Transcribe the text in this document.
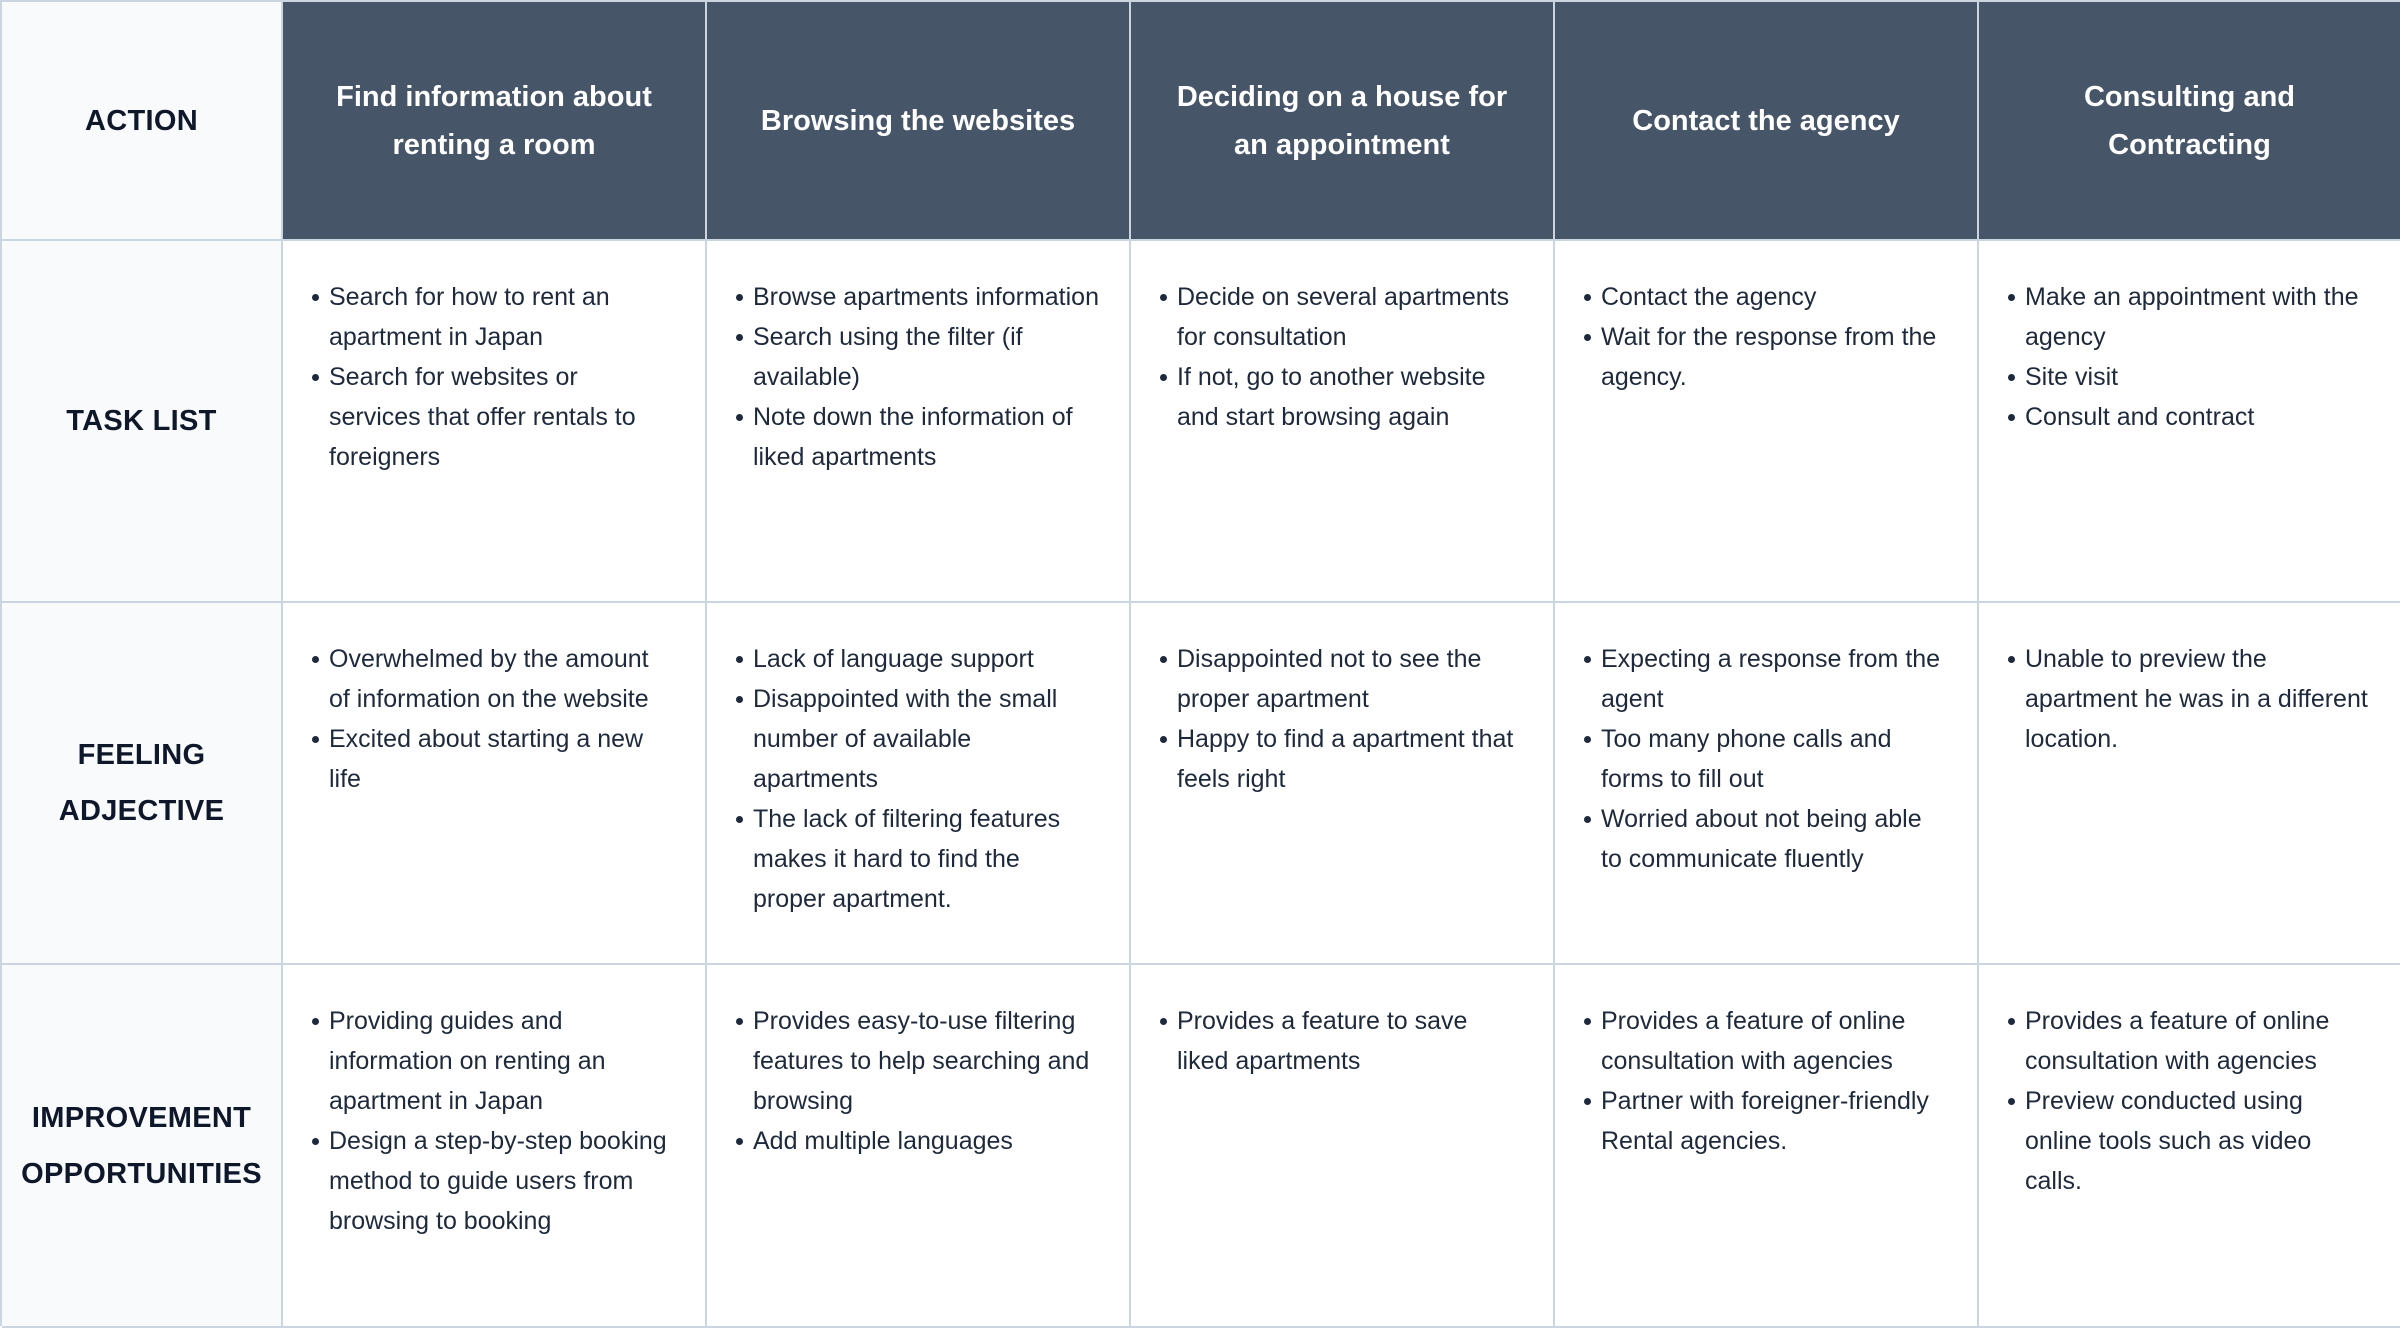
ACTION
Find information about renting a room
Browsing the websites
Deciding on a house for an appointment
Contact the agency
Consulting and Contracting
TASK LIST
Search for how to rent an apartment in Japan
Search for websites or services that offer rentals to foreigners
Browse apartments information
Search using the filter (if available)
Note down the information of liked apartments
Decide on several apartments for consultation
If not, go to another website and start browsing again
Contact the agency
Wait for the response from the agency.
Make an appointment with the agency
Site visit
Consult and contract
FEELING ADJECTIVE
Overwhelmed by the amount of information on the website
Excited about starting a new life
Lack of language support
Disappointed with the small number of available apartments
The lack of filtering features makes it hard to find the proper apartment.
Disappointed not to see the proper apartment
Happy to find a apartment that feels right
Expecting a response from the agent
Too many phone calls and forms to fill out
Worried about not being able to communicate fluently
Unable to preview the apartment he was in a different location.
IMPROVEMENT OPPORTUNITIES
Providing guides and information on renting an apartment in Japan
Design a step-by-step booking method to guide users from browsing to booking
Provides easy-to-use filtering features to help searching and browsing
Add multiple languages
Provides a feature to save liked apartments
Provides a feature of online consultation with agencies
Partner with foreigner-friendly Rental agencies.
Provides a feature of online consultation with agencies
Preview conducted using online tools such as video calls.
